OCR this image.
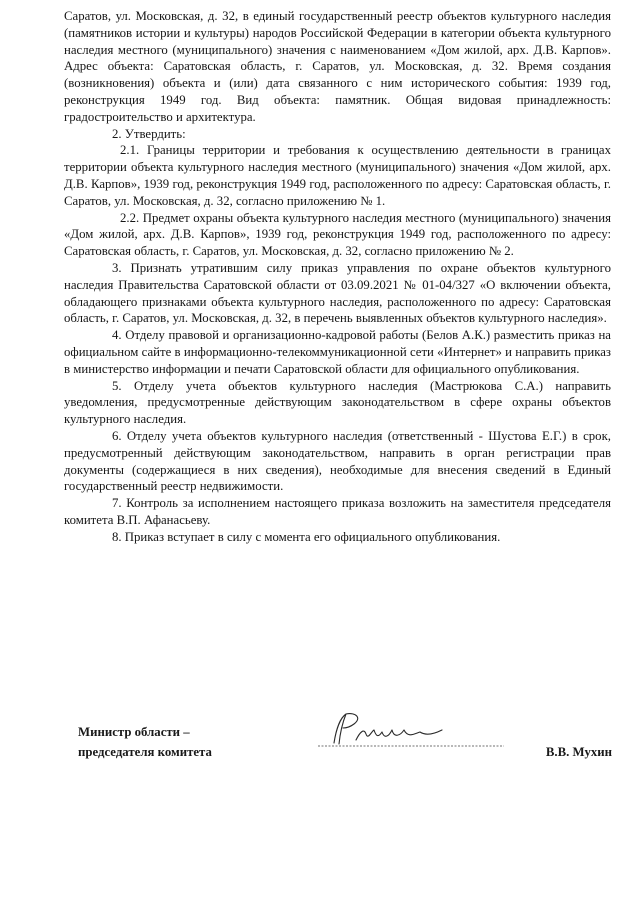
Саратов, ул. Московская, д. 32, в единый государственный реестр объектов культурного наследия (памятников истории и культуры) народов Российской Федерации в категории объекта культурного наследия местного (муниципального) значения с наименованием «Дом жилой, арх. Д.В. Карпов». Адрес объекта: Саратовская область, г. Саратов, ул. Московская, д. 32. Время создания (возникновения) объекта и (или) дата связанного с ним исторического события: 1939 год, реконструкция 1949 год. Вид объекта: памятник. Общая видовая принадлежность: градостроительство и архитектура.

2. Утвердить:

2.1. Границы территории и требования к осуществлению деятельности в границах территории объекта культурного наследия местного (муниципального) значения «Дом жилой, арх. Д.В. Карпов», 1939 год, реконструкция 1949 год, расположенного по адресу: Саратовская область, г. Саратов, ул. Московская, д. 32, согласно приложению № 1.

2.2. Предмет охраны объекта культурного наследия местного (муниципального) значения «Дом жилой, арх. Д.В. Карпов», 1939 год, реконструкция 1949 год, расположенного по адресу: Саратовская область, г. Саратов, ул. Московская, д. 32, согласно приложению № 2.

3. Признать утратившим силу приказ управления по охране объектов культурного наследия Правительства Саратовской области от 03.09.2021 № 01-04/327 «О включении объекта, обладающего признаками объекта культурного наследия, расположенного по адресу: Саратовская область, г. Саратов, ул. Московская, д. 32, в перечень выявленных объектов культурного наследия».

4. Отделу правовой и организационно-кадровой работы (Белов А.К.) разместить приказ на официальном сайте в информационно-телекоммуникационной сети «Интернет» и направить приказ в министерство информации и печати Саратовской области для официального опубликования.

5. Отделу учета объектов культурного наследия (Мастрюкова С.А.) направить уведомления, предусмотренные действующим законодательством в сфере охраны объектов культурного наследия.

6. Отделу учета объектов культурного наследия (ответственный - Шустова Е.Г.) в срок, предусмотренный действующим законодательством, направить в орган регистрации прав документы (содержащиеся в них сведения), необходимые для внесения сведений в Единый государственный реестр недвижимости.

7. Контроль за исполнением настоящего приказа возложить на заместителя председателя комитета В.П. Афанасьеву.

8. Приказ вступает в силу с момента его официального опубликования.

Министр области –
председателя комитета	В.В. Мухин
